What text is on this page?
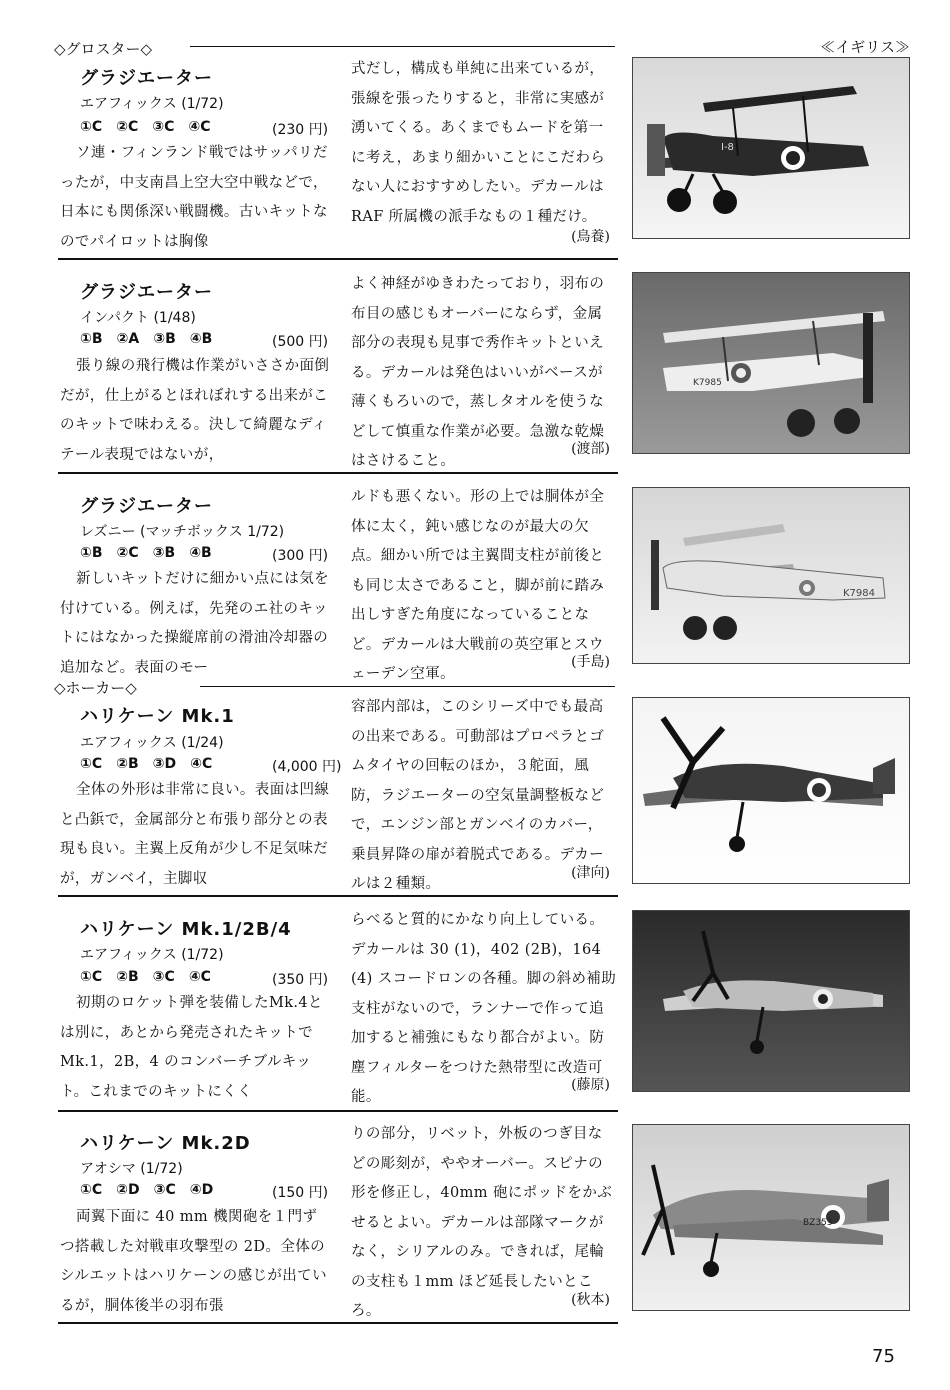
≪イギリス≫
◇グロスター◇
グラジエーター
エアフィックス (1/72)
①C ②C ③C ④C	(230 円)
ソ連・フィンランド戦ではサッパリだったが，中支南昌上空大空中戦などで，日本にも関係深い戦闘機。古いキットなのでパイロットは胸像
式だし，構成も単純に出来ているが，張線を張ったりすると，非常に実感が湧いてくる。あくまでもムードを第一に考え，あまり細かいことにこだわらない人におすすめしたい。デカールは RAF 所属機の派手なもの１種だけ。
(鳥養)
グラジエーター
インパクト (1/48)
①B ②A ③B ④B	(500 円)
張り線の飛行機は作業がいささか面倒だが，仕上がるとほれぼれする出来がこのキットで味わえる。決して綺麗なディテール表現ではないが，
よく神経がゆきわたっており，羽布の布目の感じもオーバーにならず，金属部分の表現も見事で秀作キットといえる。デカールは発色はいいがベースが薄くもろいので，蒸しタオルを使うなどして慎重な作業が必要。急激な乾燥はさけること。
(渡部)
グラジエーター
レズニー (マッチボックス 1/72)
①B ②C ③B ④B	(300 円)
新しいキットだけに細かい点には気を付けている。例えば，先発のエ社のキットにはなかった操縦席前の滑油冷却器の追加など。表面のモー
ルドも悪くない。形の上では胴体が全体に太く，鈍い感じなのが最大の欠点。細かい所では主翼間支柱が前後とも同じ太さであること，脚が前に踏み出しすぎた角度になっていることなど。デカールは大戦前の英空軍とスウェーデン空軍。
(手島)
◇ホーカー◇
ハリケーン Mk.1
エアフィックス (1/24)
①C ②B ③D ④C	(4,000 円)
全体の外形は非常に良い。表面は凹線と凸鋲で，金属部分と布張り部分との表現も良い。主翼上反角が少し不足気味だが，ガンベイ，主脚収
容部内部は，このシリーズ中でも最高の出来である。可動部はプロペラとゴムタイヤの回転のほか，３舵面，風防，ラジエーターの空気量調整板などで，エンジン部とガンベイのカバー，乗員昇降の扉が着脱式である。デカールは２種類。
(津向)
ハリケーン Mk.1/2B/4
エアフィックス (1/72)
①C ②B ③C ④C	(350 円)
初期のロケット弾を装備したMk.4とは別に，あとから発売されたキットでMk.1，2B，4 のコンバーチブルキット。これまでのキットにくく
らべると質的にかなり向上している。デカールは 30 (1)，402 (2B)，164 (4) スコードロンの各種。脚の斜め補助支柱がないので，ランナーで作って追加すると補強にもなり都合がよい。防塵フィルターをつけた熱帯型に改造可能。
(藤原)
ハリケーン Mk.2D
アオシマ (1/72)
①C ②D ③C ④D	(150 円)
両翼下面に 40 mm 機関砲を１門ずつ搭載した対戦車攻撃型の 2D。全体のシルエットはハリケーンの感じが出ているが，胴体後半の羽布張
りの部分，リベット，外板のつぎ目などの彫刻が，ややオーバー。スピナの形を修正し，40mm 砲にポッドをかぶせるとよい。デカールは部隊マークがなく，シリアルのみ。できれば，尾輪の支柱も１mm ほど延長したいところ。
(秋本)
I-8
K7985
K7984
BZ353
75
